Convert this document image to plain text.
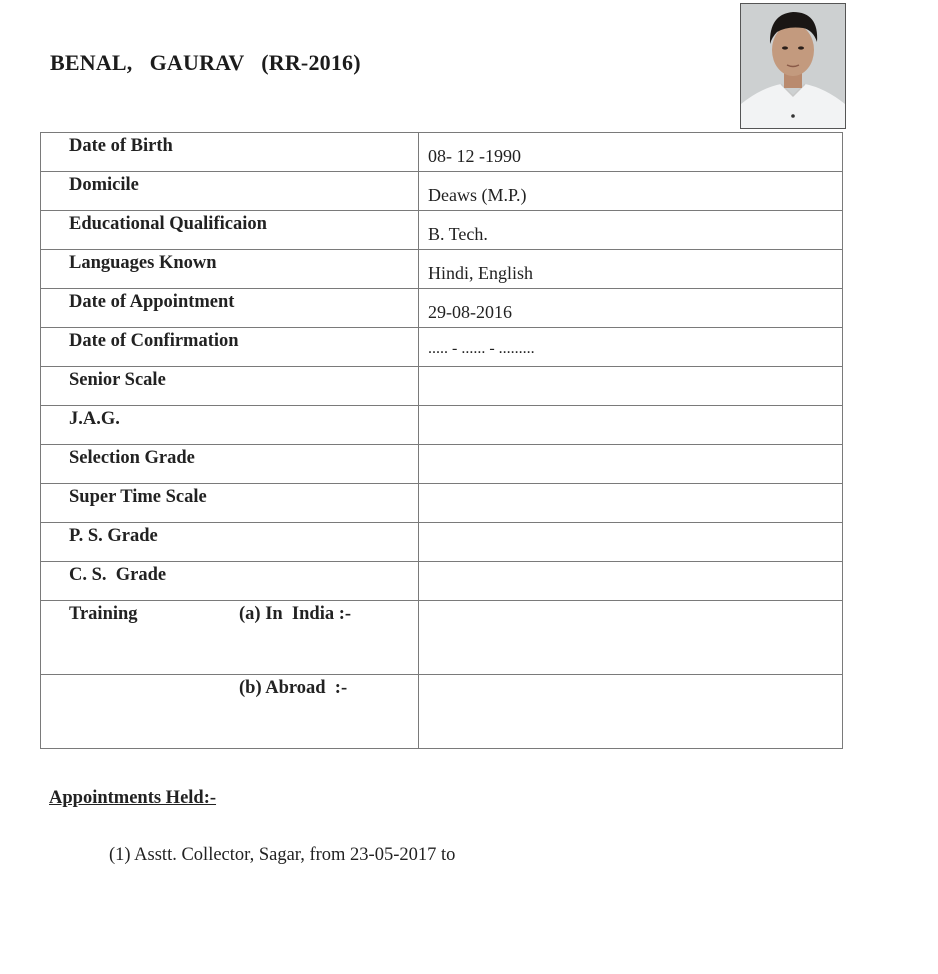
BENAL,   GAURAV   (RR-2016)
Date of Birth	08- 12 -1990

Domicile	Deaws (M.P.)

Educational Qualificaion	B. Tech.

Languages Known	Hindi, English

Date of Appointment	29-08-2016

Date of Confirmation	..... - ...... - .........

Senior Scale	

J.A.G.	

Selection Grade	

Super Time Scale	

P. S. Grade	

C. S.  Grade	

Training (a) In  India :-	

(b) Abroad  :-	

Appointments Held:-
(1) Asstt. Collector, Sagar, from 23-05-2017 to
